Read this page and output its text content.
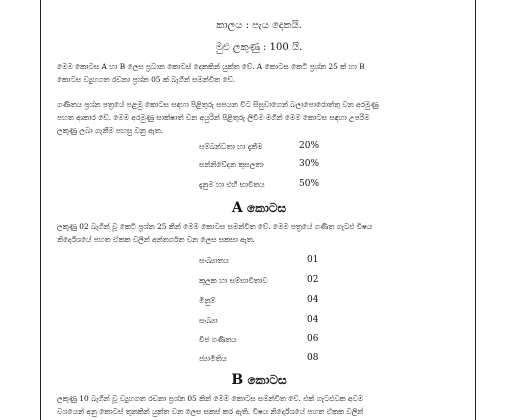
කාලය : පැය දෙකයි.
මුළු ලකුණු : 100 යි.
මෙම කොටස A හා B ලෙස ප්‍රධාන කොටස් දෙකකින් යුක්ත වේ. A කොටස කෙටි ප්‍රශ්න 25 ක් හා B
කොටස ව්‍යුහගත රචනා ප්‍රශ්න 05 ක් බැගින් සමන්විත වේ.
ගණිතය ප්‍රශ්න පත්‍රයේ පළමු කොටස සඳහා පිළිතුරු සපයන විට සිසුවාගෙන් බලාපොරොත්තු වන අරමුණු
පහත ආකාර වේ. මෙම අරමුණු සාක්ෂාත් වන අයුරින් පිළිතුරු ලිවීම මගින් මෙම කොටස සඳහා උපරිම
ලකුණු ලබා ගැනීම පහසු වනු ඇත.
සම්බන්ධතා හා දැනීම	20%
සන්නිවේදන කුසලතා	30%
දැනුම හා එහි භාවිතය	50%
A කොටස
ලකුණු 02 බැගින් වූ කෙටි ප්‍රශ්න 25 කින් මෙම කොටස සමන්විත වේ. මෙම පත්‍රයේ ගණිත ගැටළු විෂය
නිර්දේශයේ පහත ඒකක වලින් අන්තර්ගත වන ලෙස සකසා ඇත.
සංඛ්‍යාතය	01
කුලක හා සම්භාවිතාව	02
මිනුම්	04
සංඛ්‍යා	04
වීජ ගණිතය	06
ජ්‍යාමිතිය	08
B කොටස
ලකුණු 10 බැගින් වූ ව්‍යුහගත රචනා ප්‍රශ්න 05 කින් මෙම කොටස සමන්විත වේ. එක් ගැටළුවක අවම
වශයෙන් අනු කොටස් තුනකින් යුක්ත වන ලෙස සකස් කර ඇති. විෂය නිර්දේශයේ පහත ඒකක වලින්
